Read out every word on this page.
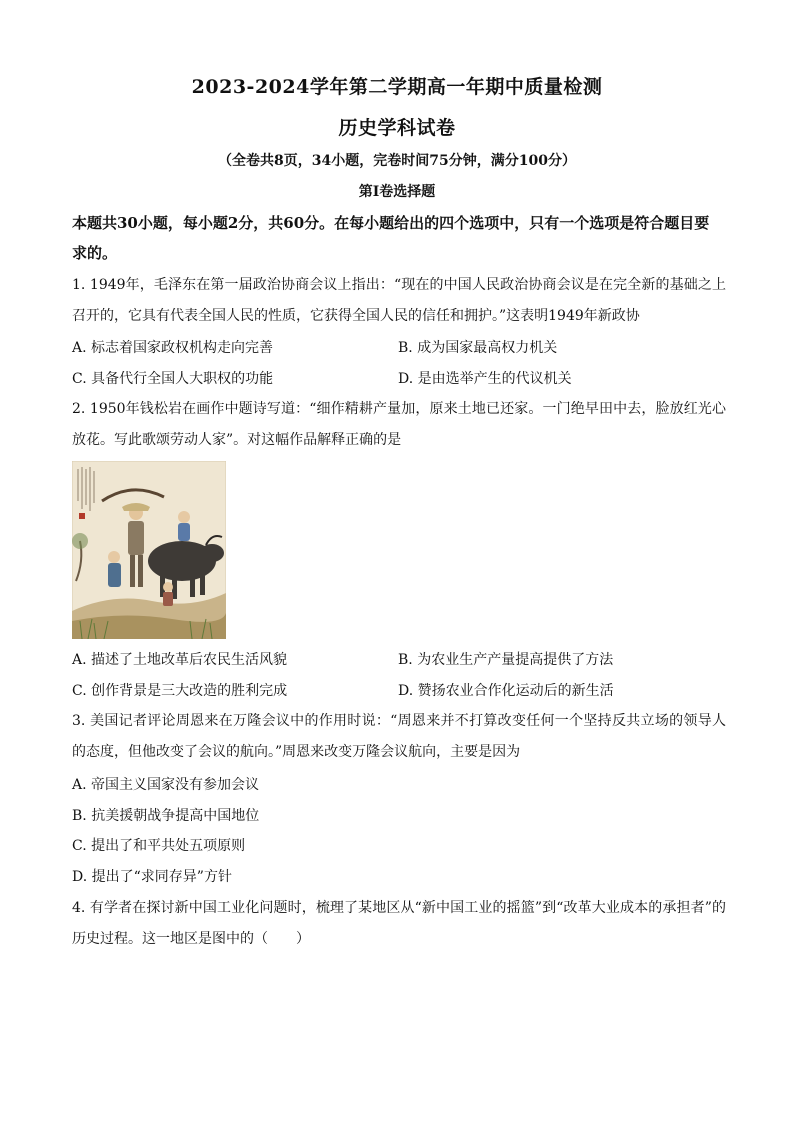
2023-2024学年第二学期高一年期中质量检测
历史学科试卷
（全卷共8页，34小题，完卷时间75分钟，满分100分）
第Ⅰ卷选择题
本题共30小题，每小题2分，共60分。在每小题给出的四个选项中，只有一个选项是符合题目要求的。
1. 1949年，毛泽东在第一届政治协商会议上指出：“现在的中国人民政治协商会议是在完全新的基础之上召开的，它具有代表全国人民的性质，它获得全国人民的信任和拥护。”这表明1949年新政协
A. 标志着国家政权机构走向完善	B. 成为国家最高权力机关
C. 具备代行全国人大职权的功能	D. 是由选举产生的代议机关
2. 1950年钱松岩在画作中题诗写道：“细作精耕产量加，原来土地已还家。一门绝早田中去，脸放红光心放花。写此歌颂劳动人家”。对这幅作品解释正确的是
A. 描述了土地改革后农民生活风貌	B. 为农业生产产量提高提供了方法
C. 创作背景是三大改造的胜利完成	D. 赞扬农业合作化运动后的新生活
3. 美国记者评论周恩来在万隆会议中的作用时说：“周恩来并不打算改变任何一个坚持反共立场的领导人的态度，但他改变了会议的航向。”周恩来改变万隆会议航向，主要是因为
A. 帝国主义国家没有参加会议
B. 抗美援朝战争提高中国地位
C. 提出了和平共处五项原则
D. 提出了“求同存异”方针
4. 有学者在探讨新中国工业化问题时，梳理了某地区从“新中国工业的摇篮”到“改革大业成本的承担者”的历史过程。这一地区是图中的（　　）
